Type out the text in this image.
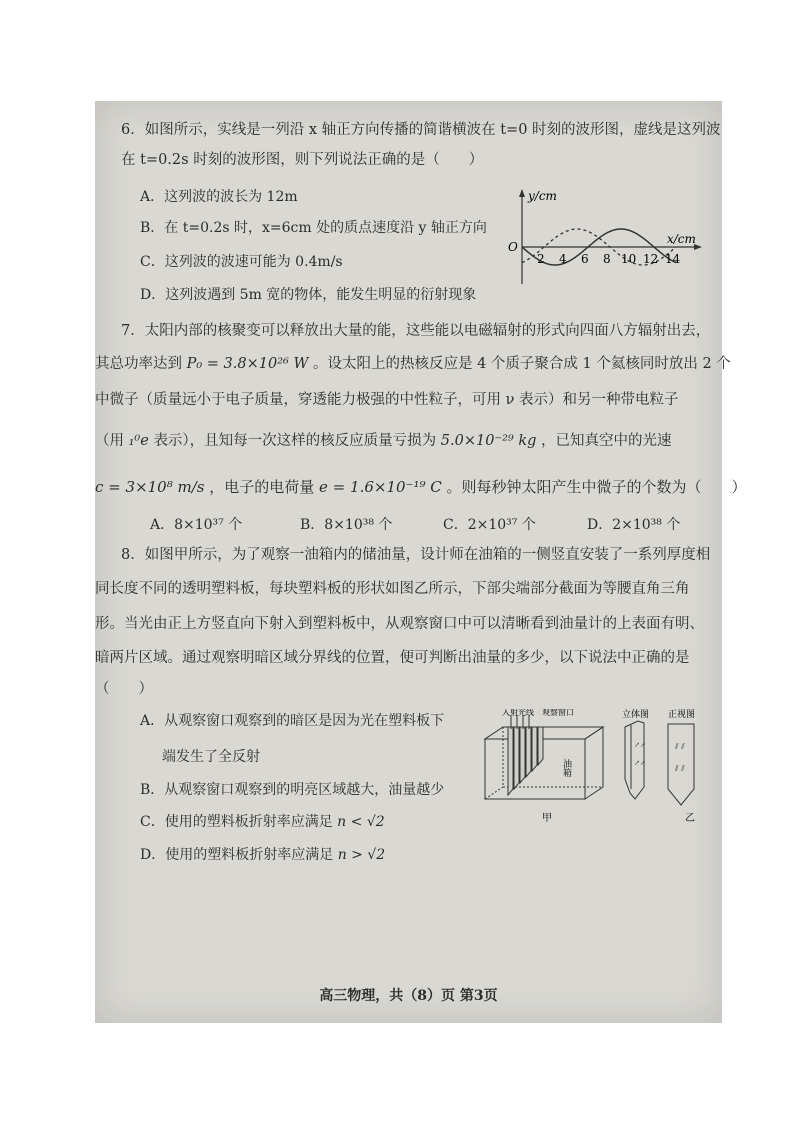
6．如图所示，实线是一列沿 x 轴正方向传播的简谐横波在 t=0 时刻的波形图，虚线是这列波
在 t=0.2s 时刻的波形图，则下列说法正确的是（　　）
A．这列波的波长为 12m
B．在 t=0.2s 时，x=6cm 处的质点速度沿 y 轴正方向
C．这列波的波速可能为 0.4m/s
D．这列波遇到 5m 宽的物体，能发生明显的衍射现象
y/cm
x/cm
O
2 4 6 8 10 12 14
7．太阳内部的核聚变可以释放出大量的能，这些能以电磁辐射的形式向四面八方辐射出去，
其总功率达到 P₀ = 3.8×10²⁶ W 。设太阳上的热核反应是 4 个质子聚合成 1 个氦核同时放出 2 个
中微子（质量远小于电子质量，穿透能力极强的中性粒子，可用 ν 表示）和另一种带电粒子
（用 ₁⁰e 表示），且知每一次这样的核反应质量亏损为 5.0×10⁻²⁹ kg ，已知真空中的光速
c = 3×10⁸ m/s ，电子的电荷量 e = 1.6×10⁻¹⁹ C 。则每秒钟太阳产生中微子的个数为（　　）
A．8×10³⁷ 个	B．8×10³⁸ 个	C．2×10³⁷ 个	D．2×10³⁸ 个
8．如图甲所示，为了观察一油箱内的储油量，设计师在油箱的一侧竖直安装了一系列厚度相
同长度不同的透明塑料板，每块塑料板的形状如图乙所示，下部尖端部分截面为等腰直角三角
形。当光由正上方竖直向下射入到塑料板中，从观察窗口中可以清晰看到油量计的上表面有明、
暗两片区域。通过观察明暗区域分界线的位置，便可判断出油量的多少，以下说法中正确的是
（　　）
A．从观察窗口观察到的暗区是因为光在塑料板下
端发生了全反射
B．从观察窗口观察到的明亮区域越大，油量越少
C．使用的塑料板折射率应满足 n < √2
D．使用的塑料板折射率应满足 n > √2
入射光线 观察窗口
油箱
甲
立体图
↗↗
↗↗
正视图
⫽ ⫽
⫽ ⫽
乙
高三物理，共（8）页 第3页
